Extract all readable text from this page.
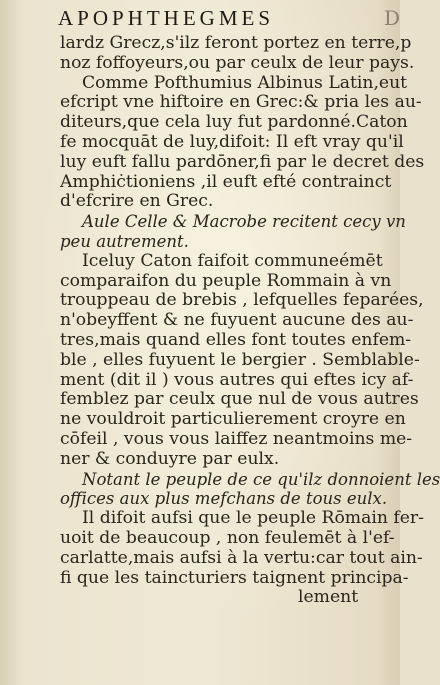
APOPHTHEGMES	D
lardz Grecz,s'ilz feront portez en terre,p
noz foffoyeurs,ou par ceulx de leur pays.
Comme Pofthumius Albinus Latin,eut
efcript vne hiftoire en Grec:& pria les au-
diteurs,que cela luy fut pardonné.Caton
fe mocquāt de luy,difoit: Il eft vray qu'il
luy euft fallu pardōner,fi par le decret des
Amphiċtioniens ,il euft efté contrainct
d'efcrire en Grec.
Aule Celle & Macrobe recitent cecy vn
peu autrement.
Iceluy Caton faifoit communeémēt
comparaifon du peuple Rommain à vn
trouppeau de brebis , lefquelles feparées,
n'obeyffent & ne fuyuent aucune des au-
tres,mais quand elles font toutes enfem-
ble , elles fuyuent le bergier . Semblable-
ment (dit il ) vous autres qui eftes icy af-
femblez par ceulx que nul de vous autres
ne vouldroit particulierement croyre en
cōfeil , vous vous laiffez neantmoins me-
ner & conduyre par eulx.
Notant le peuple de ce qu'ilz donnoient les
offices aux plus mefchans de tous eulx.
Il difoit aufsi que le peuple Rōmain fer-
uoit de beaucoup , non feulemēt à l'ef-
carlatte,mais aufsi à la vertu:car tout ain-
fi que les taincturiers taignent principa-
lement
